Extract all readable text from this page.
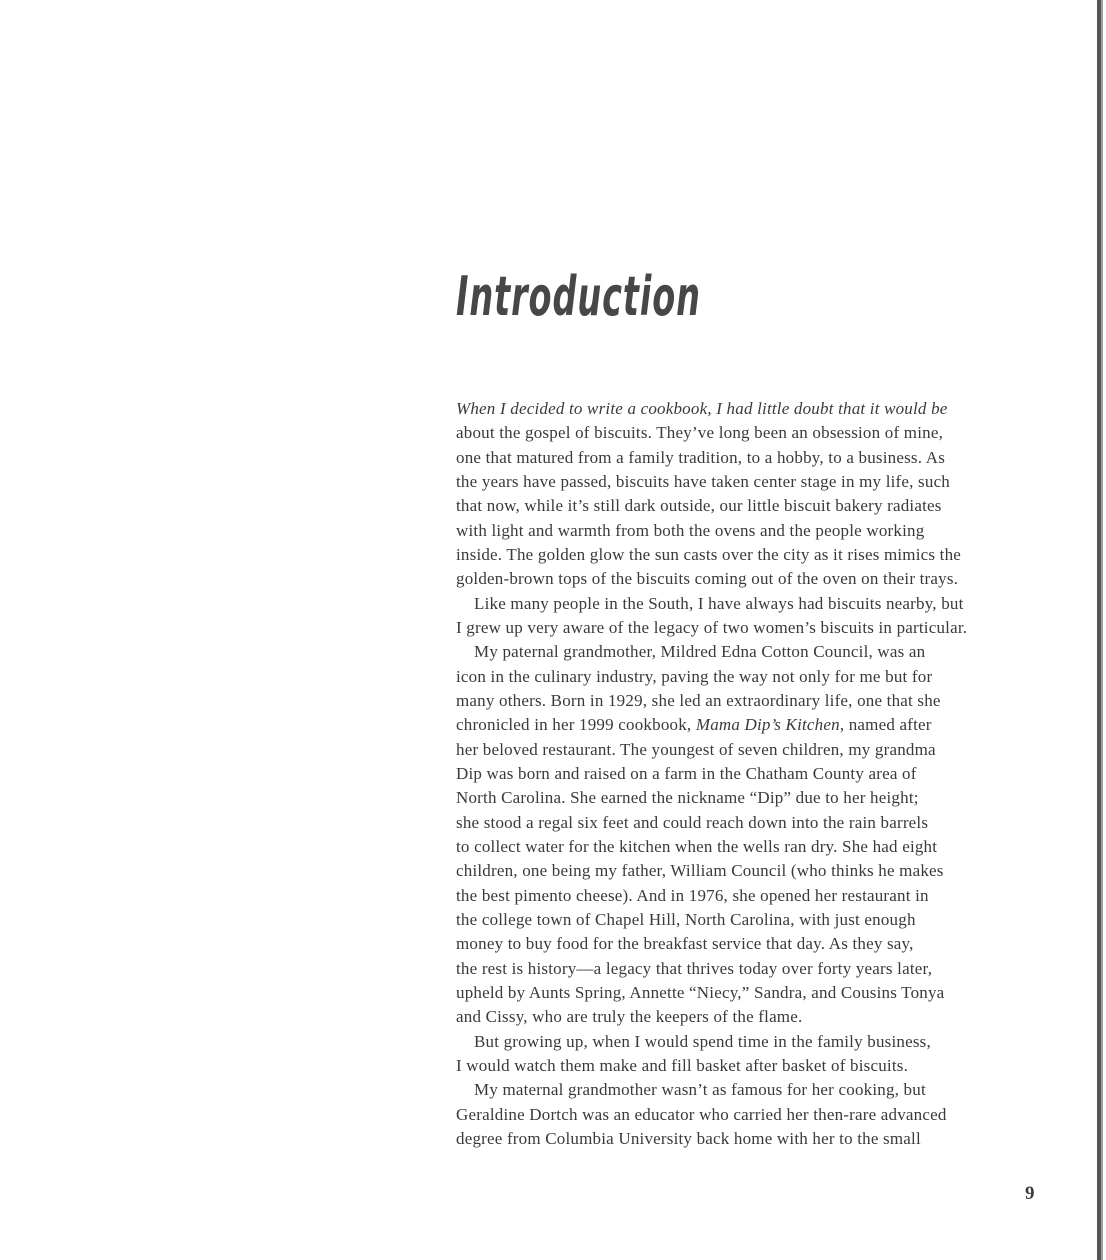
Introduction
When I decided to write a cookbook, I had little doubt that it would be
about the gospel of biscuits. They’ve long been an obsession of mine,
one that matured from a family tradition, to a hobby, to a business. As
the years have passed, biscuits have taken center stage in my life, such
that now, while it’s still dark outside, our little biscuit bakery radiates
with light and warmth from both the ovens and the people working
inside. The golden glow the sun casts over the city as it rises mimics the
golden-brown tops of the biscuits coming out of the oven on their trays.
Like many people in the South, I have always had biscuits nearby, but
I grew up very aware of the legacy of two women’s biscuits in particular.
My paternal grandmother, Mildred Edna Cotton Council, was an
icon in the culinary industry, paving the way not only for me but for
many others. Born in 1929, she led an extraordinary life, one that she
chronicled in her 1999 cookbook, Mama Dip’s Kitchen, named after
her beloved restaurant. The youngest of seven children, my grandma
Dip was born and raised on a farm in the Chatham County area of
North Carolina. She earned the nickname “Dip” due to her height;
she stood a regal six feet and could reach down into the rain barrels
to collect water for the kitchen when the wells ran dry. She had eight
children, one being my father, William Council (who thinks he makes
the best pimento cheese). And in 1976, she opened her restaurant in
the college town of Chapel Hill, North Carolina, with just enough
money to buy food for the breakfast service that day. As they say,
the rest is history—a legacy that thrives today over forty years later,
upheld by Aunts Spring, Annette “Niecy,” Sandra, and Cousins Tonya
and Cissy, who are truly the keepers of the flame.
But growing up, when I would spend time in the family business,
I would watch them make and fill basket after basket of biscuits.
My maternal grandmother wasn’t as famous for her cooking, but
Geraldine Dortch was an educator who carried her then-rare advanced
degree from Columbia University back home with her to the small
9
